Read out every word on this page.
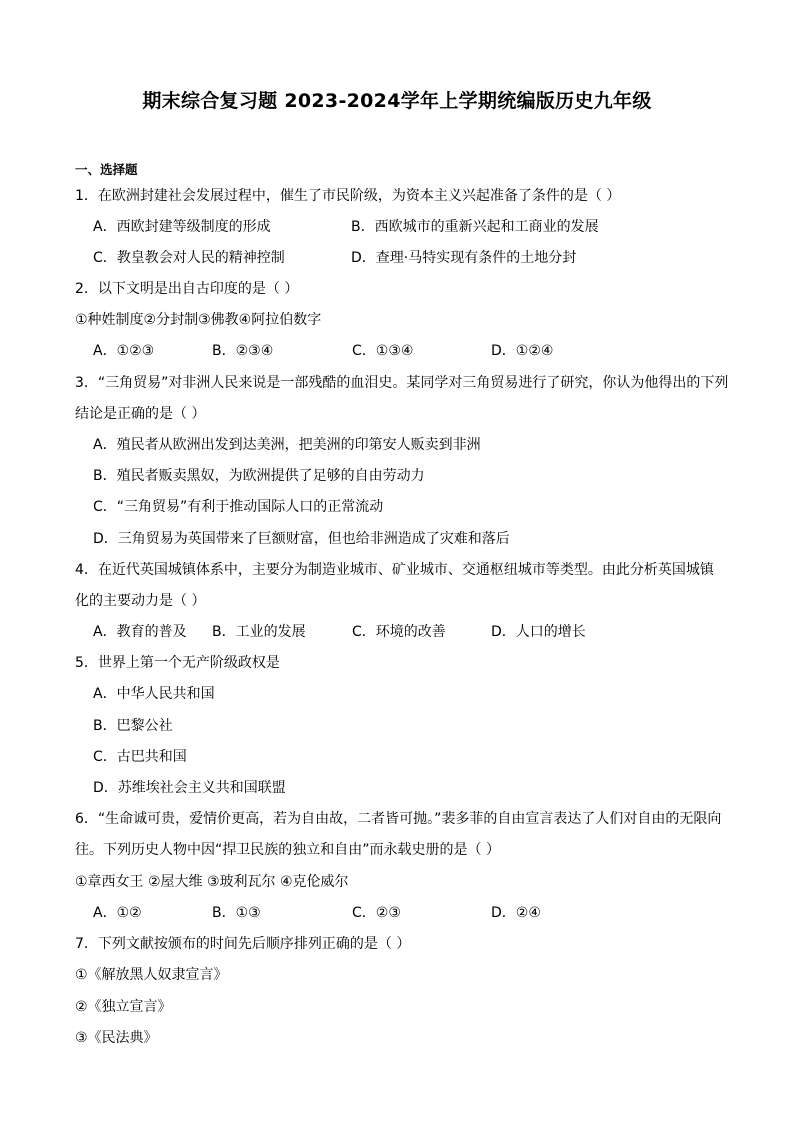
期末综合复习题 2023-2024学年上学期统编版历史九年级
一、选择题
1．在欧洲封建社会发展过程中，催生了市民阶级，为资本主义兴起准备了条件的是（ ）
A．西欧封建等级制度的形成	B．西欧城市的重新兴起和工商业的发展
C．教皇教会对人民的精神控制	D．查理·马特实现有条件的土地分封
2．以下文明是出自古印度的是（ ）
①种姓制度②分封制③佛教④阿拉伯数字
A．①②③	B．②③④	C．①③④	D．①②④
3．“三角贸易”对非洲人民来说是一部残酷的血泪史。某同学对三角贸易进行了研究，你认为他得出的下列
结论是正确的是（ ）
A．殖民者从欧洲出发到达美洲，把美洲的印第安人贩卖到非洲
B．殖民者贩卖黑奴，为欧洲提供了足够的自由劳动力
C．“三角贸易”有利于推动国际人口的正常流动
D．三角贸易为英国带来了巨额财富，但也给非洲造成了灾难和落后
4．在近代英国城镇体系中，主要分为制造业城市、矿业城市、交通枢纽城市等类型。由此分析英国城镇
化的主要动力是（ ）
A．教育的普及 B．工业的发展	C．环境的改善	D．人口的增长
5．世界上第一个无产阶级政权是
A．中华人民共和国
B．巴黎公社
C．古巴共和国
D．苏维埃社会主义共和国联盟
6．“生命诚可贵，爱情价更高，若为自由故，二者皆可抛。”裴多菲的自由宣言表达了人们对自由的无限向
往。下列历史人物中因“捍卫民族的独立和自由”而永载史册的是（ ）
①章西女王 ②屋大维 ③玻利瓦尔 ④克伦威尔
A．①②	B．①③	C．②③	D．②④
7．下列文献按颁布的时间先后顺序排列正确的是（ ）
①《解放黑人奴隶宣言》
②《独立宣言》
③《民法典》
